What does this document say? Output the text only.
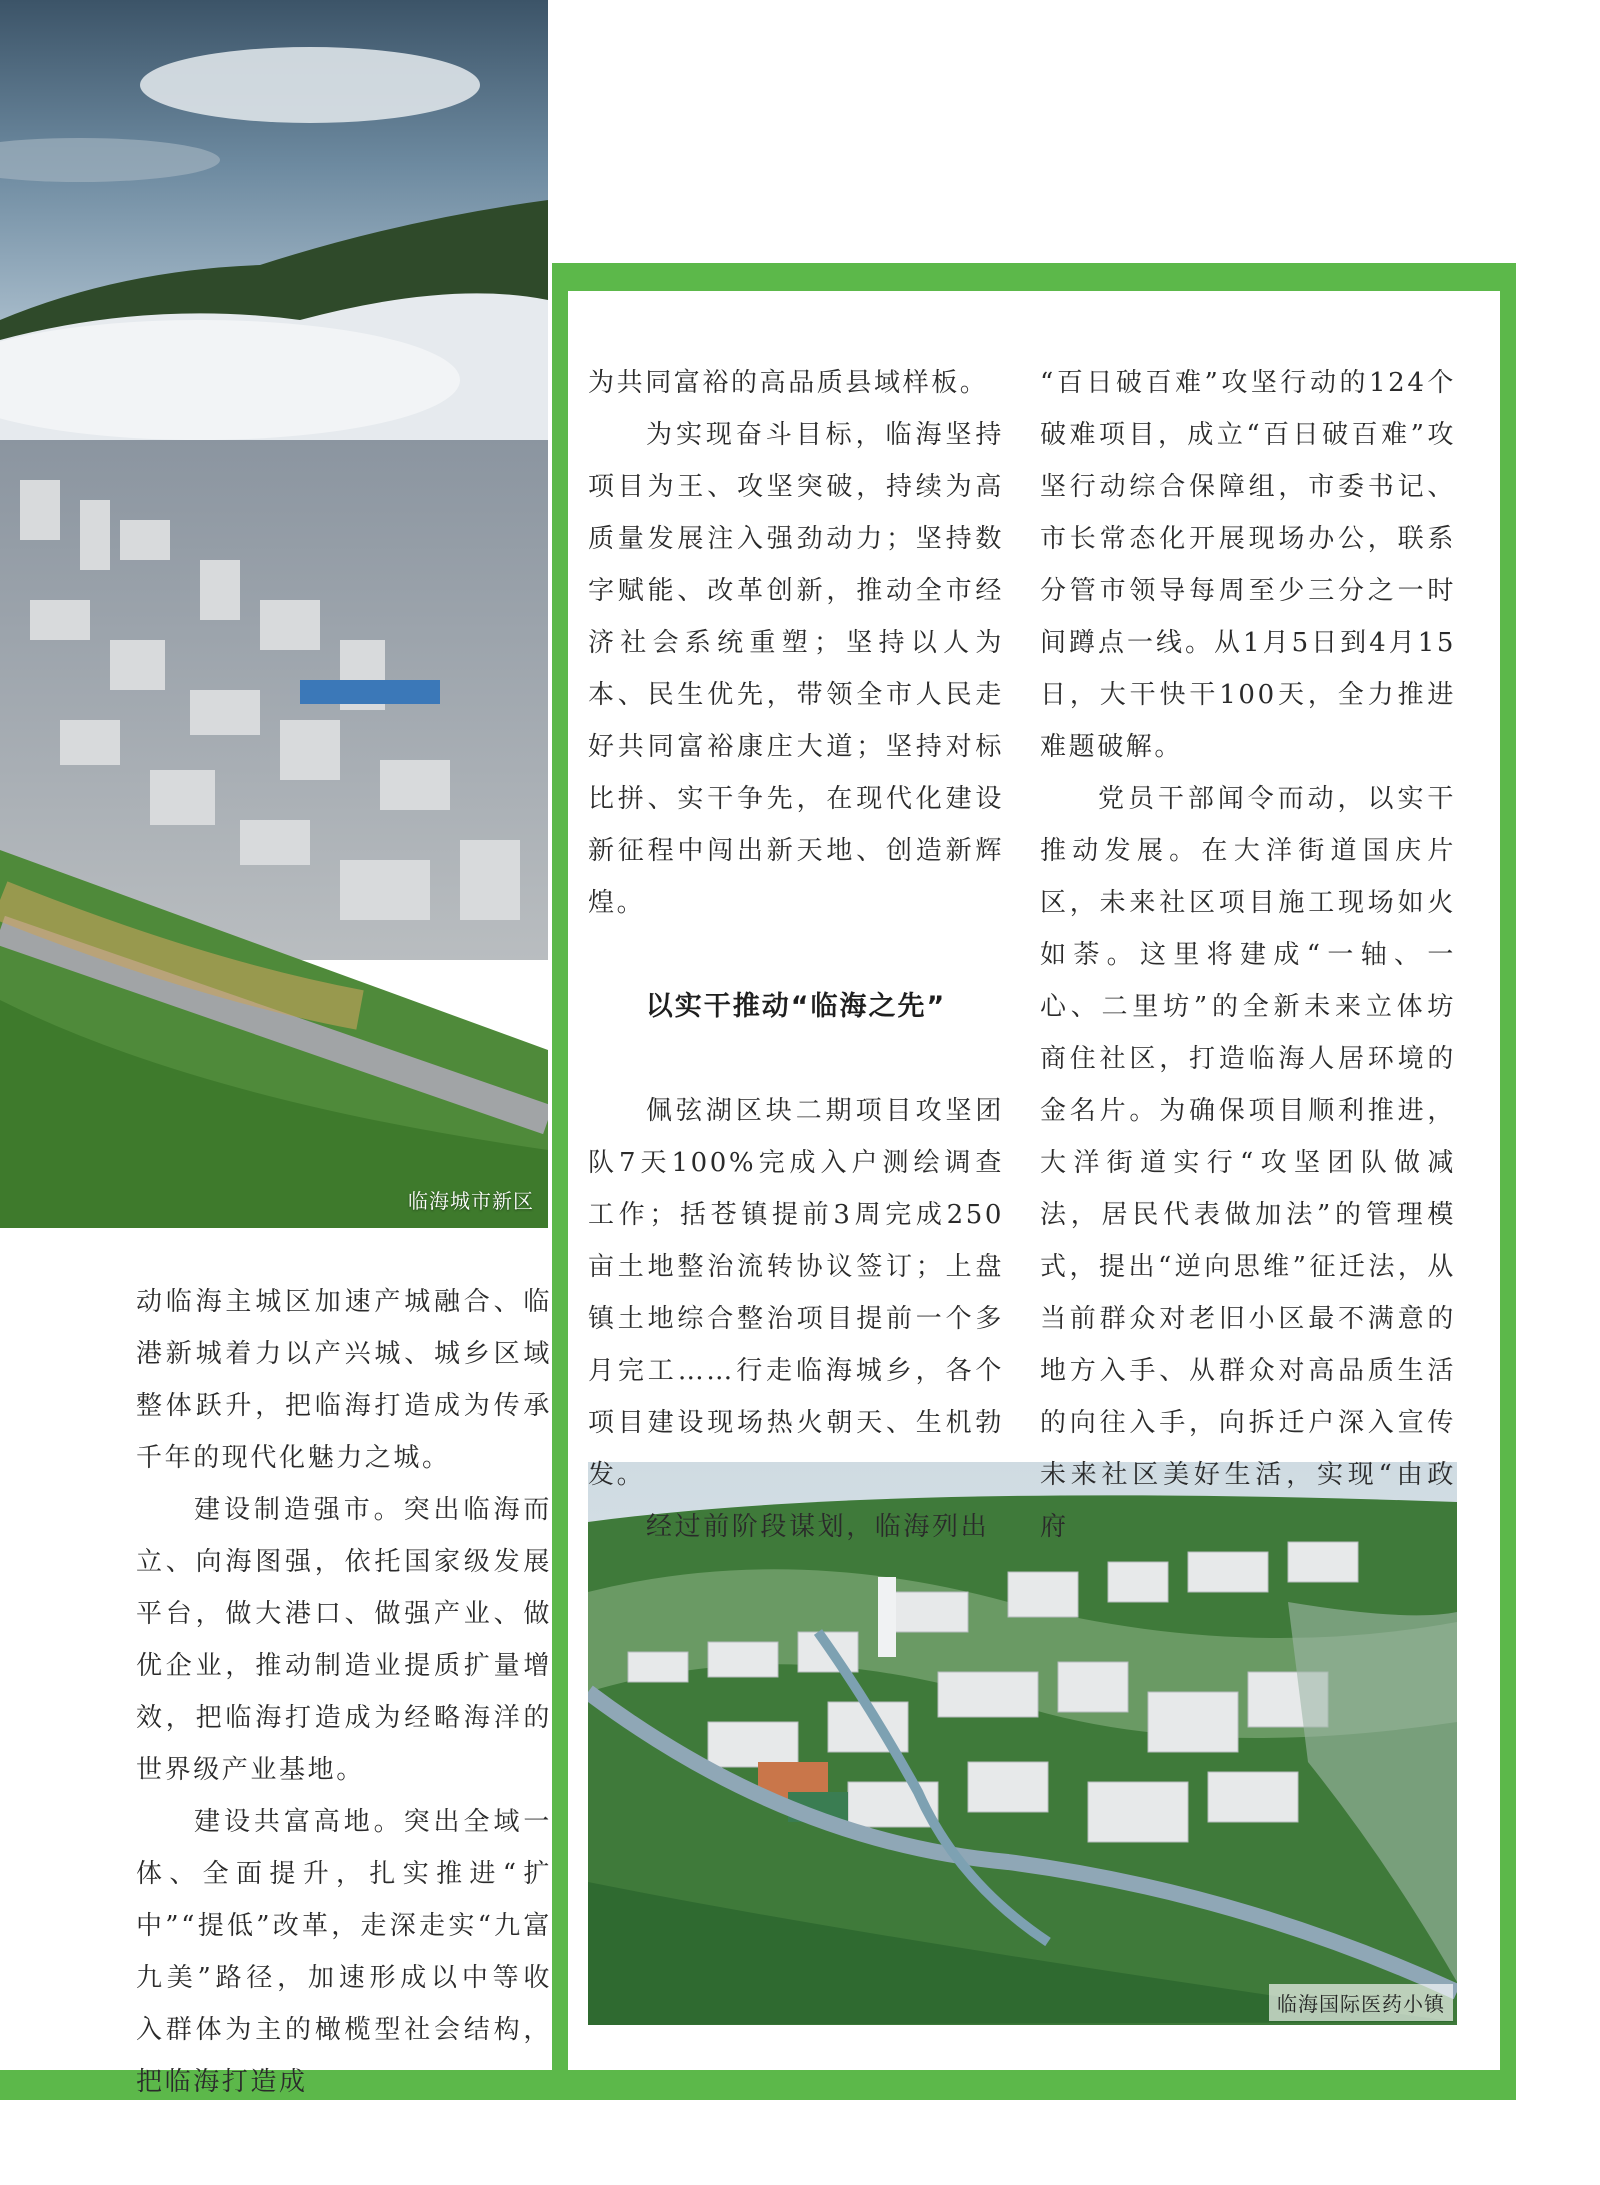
临海城市新区
临海国际医药小镇

为共同富裕的高品质县域样板。

为实现奋斗目标，临海坚持项目为王、攻坚突破，持续为高质量发展注入强劲动力；坚持数字赋能、改革创新，推动全市经济社会系统重塑；坚持以人为本、民生优先，带领全市人民走好共同富裕康庄大道；坚持对标比拼、实干争先，在现代化建设新征程中闯出新天地、创造新辉煌。

以实干推动“临海之先”

佩弦湖区块二期项目攻坚团队7天100%完成入户测绘调查工作；括苍镇提前3周完成250亩土地整治流转协议签订；上盘镇土地综合整治项目提前一个多月完工……行走临海城乡，各个项目建设现场热火朝天、生机勃发。

经过前阶段谋划，临海列出

“百日破百难”攻坚行动的124个破难项目，成立“百日破百难”攻坚行动综合保障组，市委书记、市长常态化开展现场办公，联系分管市领导每周至少三分之一时间蹲点一线。从1月5日到4月15日，大干快干100天，全力推进难题破解。

党员干部闻令而动，以实干推动发展。在大洋街道国庆片区，未来社区项目施工现场如火如荼。这里将建成“一轴、一心、二里坊”的全新未来立体坊商住社区，打造临海人居环境的金名片。为确保项目顺利推进，大洋街道实行“攻坚团队做减法，居民代表做加法”的管理模式，提出“逆向思维”征迁法，从当前群众对老旧小区最不满意的地方入手、从群众对高品质生活的向往入手，向拆迁户深入宣传未来社区美好生活，实现“由政府

动临海主城区加速产城融合、临港新城着力以产兴城、城乡区域整体跃升，把临海打造成为传承千年的现代化魅力之城。

建设制造强市。突出临海而立、向海图强，依托国家级发展平台，做大港口、做强产业、做优企业，推动制造业提质扩量增效，把临海打造成为经略海洋的世界级产业基地。

建设共富高地。突出全域一体、全面提升，扎实推进“扩中”“提低”改革，走深走实“九富九美”路径，加速形成以中等收入群体为主的橄榄型社会结构，把临海打造成
